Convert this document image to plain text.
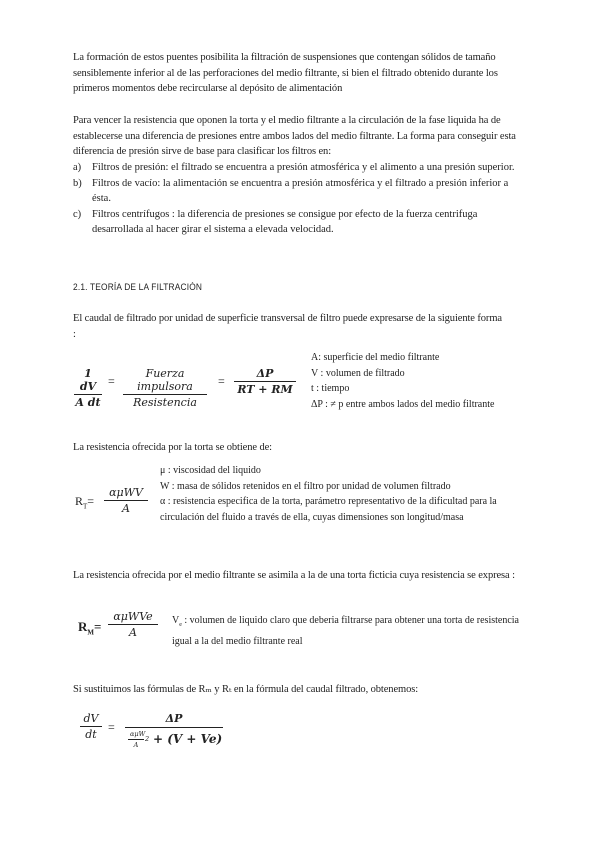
La formación de estos puentes posibilita la filtración de suspensiones que contengan sólidos de tamaño sensiblemente inferior al de las perforaciones del medio filtrante, si bien el filtrado obtenido durante los primeros momentos debe recircularse al depósito de alimentación
Para vencer la resistencia que oponen la torta y el medio filtrante a la circulación de la fase liquida ha de establecerse una diferencia de presiones entre ambos lados del medio filtrante. La forma para conseguir esta diferencia de presión sirve de base para clasificar los filtros en:
a) Filtros de presión: el filtrado se encuentra a presión atmosférica y el alimento a una presión superior.
b) Filtros de vacío: la alimentación se encuentra a presión atmosférica y el filtrado a presión inferior a ésta.
c) Filtros centrífugos : la diferencia de presiones se consigue por efecto de la fuerza centrifuga desarrollada al hacer girar el sistema a elevada velocidad.
2.1. TEORÍA DE LA FILTRACIÓN
El caudal de filtrado por unidad de superficie transversal de filtro puede expresarse de la siguiente forma :
1 dV
A dt
=
Fuerza impulsora
Resistencia
=
ΔP
RT + RM
A: superficie del medio filtrante
V : volumen de filtrado
t : tiempo
ΔP : ≠ p entre ambos lados del medio filtrante
La resistencia ofrecida por la torta se obtiene de:
$R_T=$
αμWV
A
μ : viscosidad del liquido
W : masa de sólidos retenidos en el filtro por unidad de volumen filtrado
α : resistencia especifica de la torta, parámetro representativo de la dificultad para la circulación del fluido a través de ella, cuyas dimensiones son longitud/masa
La resistencia ofrecida por el medio filtrante se asimila a la de una torta ficticia cuya resistencia se expresa :
$R_M=$
αμWVe
A
$V_e$ : volumen de liquido claro que deberia filtrarse para obtener una torta de resistencia igual a la del medio filtrante real
Si sustituimos las fórmulas de Rₘ y Rₜ en la fórmula del caudal filtrado, obtenemos:
dV
dt
=
ΔP
αμW
A
2 + (V + Ve)
